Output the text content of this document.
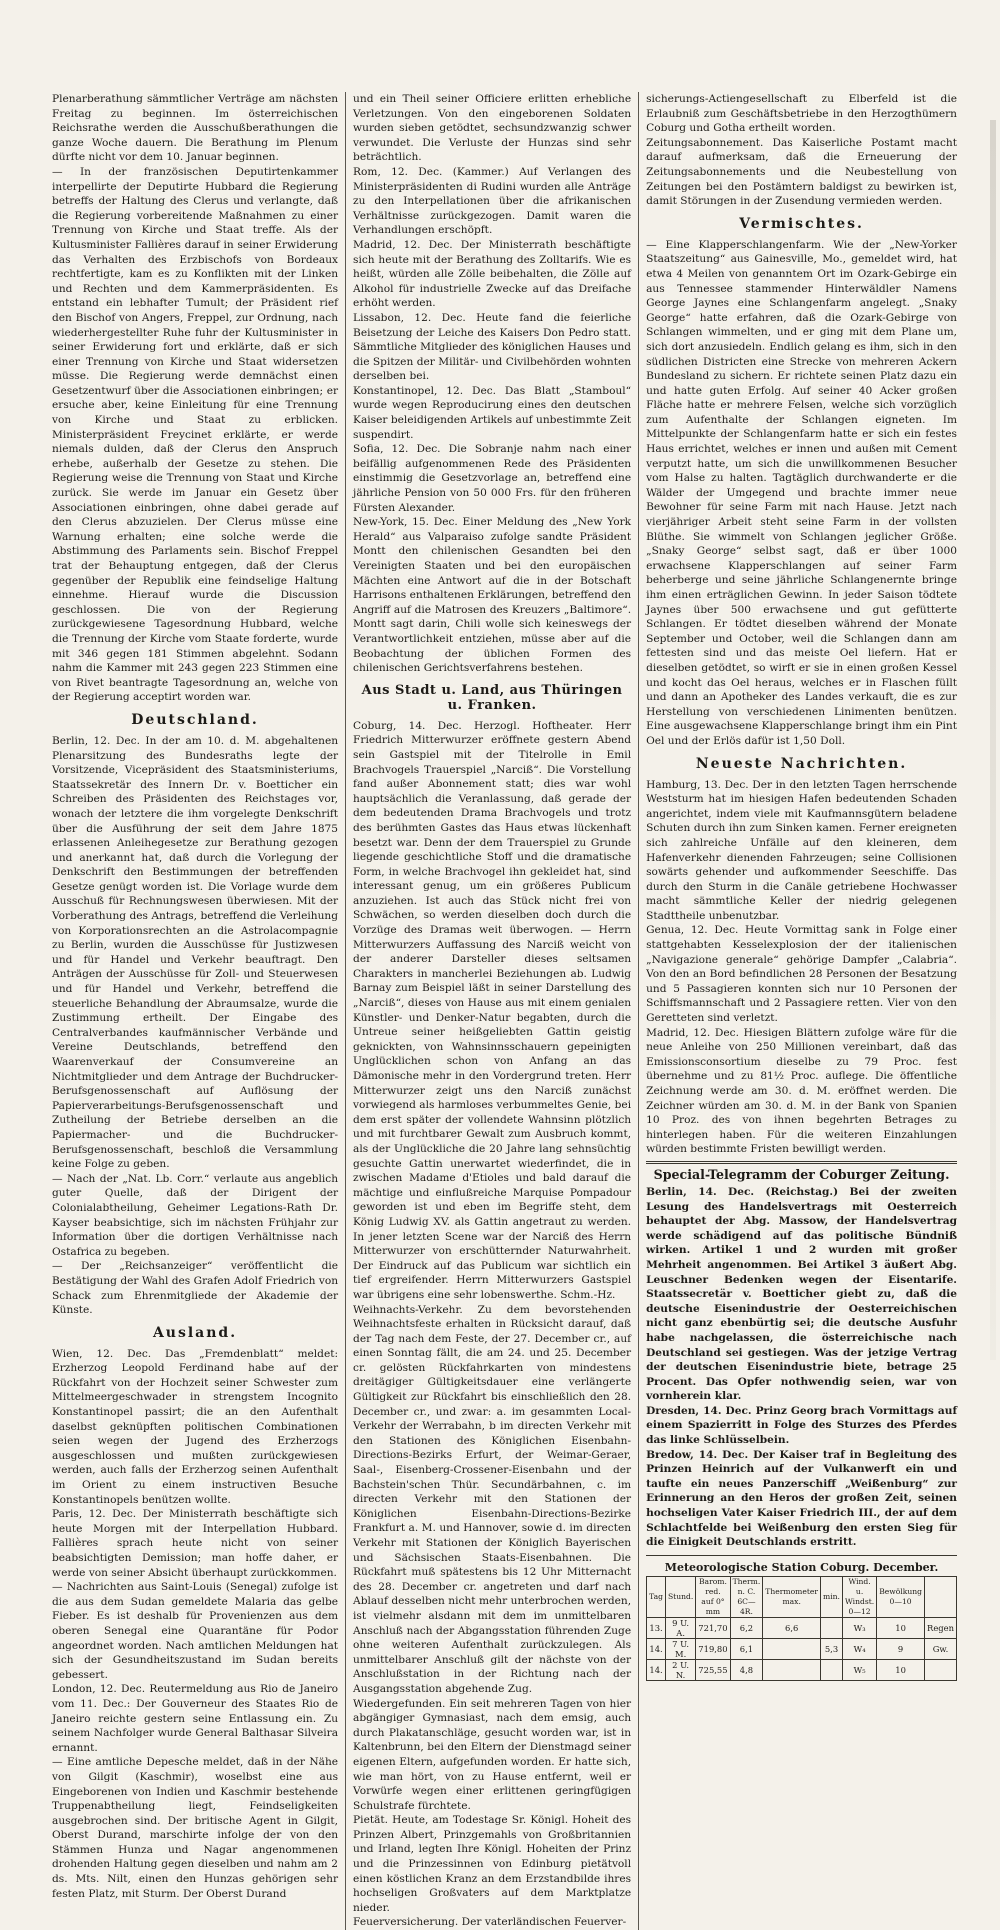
Plenarberathung sämmtlicher Verträge am nächsten Freitag zu beginnen. Im österreichischen Reichsrathe werden die Ausschußberathungen die ganze Woche dauern. Die Berathung im Plenum dürfte nicht vor dem 10. Januar beginnen.

— In der französischen Deputirtenkammer interpellirte der Deputirte Hubbard die Regierung betreffs der Haltung des Clerus und verlangte, daß die Regierung vorbereitende Maßnahmen zu einer Trennung von Kirche und Staat treffe. Als der Kultusminister Fallières darauf in seiner Erwiderung das Verhalten des Erzbischofs von Bordeaux rechtfertigte, kam es zu Konflikten mit der Linken und Rechten und dem Kammerpräsidenten. Es entstand ein lebhafter Tumult; der Präsident rief den Bischof von Angers, Freppel, zur Ordnung, nach wiederhergestellter Ruhe fuhr der Kultusminister in seiner Erwiderung fort und erklärte, daß er sich einer Trennung von Kirche und Staat widersetzen müsse. Die Regierung werde demnächst einen Gesetzentwurf über die Associationen einbringen; er ersuche aber, keine Einleitung für eine Trennung von Kirche und Staat zu erblicken. Ministerpräsident Freycinet erklärte, er werde niemals dulden, daß der Clerus den Anspruch erhebe, außerhalb der Gesetze zu stehen. Die Regierung weise die Trennung von Staat und Kirche zurück. Sie werde im Januar ein Gesetz über Associationen einbringen, ohne dabei gerade auf den Clerus abzuzielen. Der Clerus müsse eine Warnung erhalten; eine solche werde die Abstimmung des Parlaments sein. Bischof Freppel trat der Behauptung entgegen, daß der Clerus gegenüber der Republik eine feindselige Haltung einnehme. Hierauf wurde die Discussion geschlossen. Die von der Regierung zurückgewiesene Tagesordnung Hubbard, welche die Trennung der Kirche vom Staate forderte, wurde mit 346 gegen 181 Stimmen abgelehnt. Sodann nahm die Kammer mit 243 gegen 223 Stimmen eine von Rivet beantragte Tagesordnung an, welche von der Regierung acceptirt worden war.

Deutschland.

Berlin, 12. Dec. In der am 10. d. M. abgehaltenen Plenarsitzung des Bundesraths legte der Vorsitzende, Vicepräsident des Staatsministeriums, Staatssekretär des Innern Dr. v. Boetticher ein Schreiben des Präsidenten des Reichstages vor, wonach der letztere die ihm vorgelegte Denkschrift über die Ausführung der seit dem Jahre 1875 erlassenen Anleihegesetze zur Berathung gezogen und anerkannt hat, daß durch die Vorlegung der Denkschrift den Bestimmungen der betreffenden Gesetze genügt worden ist. Die Vorlage wurde dem Ausschuß für Rechnungswesen überwiesen. Mit der Vorberathung des Antrags, betreffend die Verleihung von Korporationsrechten an die Astrolacompagnie zu Berlin, wurden die Ausschüsse für Justizwesen und für Handel und Verkehr beauftragt. Den Anträgen der Ausschüsse für Zoll- und Steuerwesen und für Handel und Verkehr, betreffend die steuerliche Behandlung der Abraumsalze, wurde die Zustimmung ertheilt. Der Eingabe des Centralverbandes kaufmännischer Verbände und Vereine Deutschlands, betreffend den Waarenverkauf der Consumvereine an Nichtmitglieder und dem Antrage der Buchdrucker-Berufsgenossenschaft auf Auflösung der Papierverarbeitungs-Berufsgenossenschaft und Zutheilung der Betriebe derselben an die Papiermacher- und die Buchdrucker-Berufsgenossenschaft, beschloß die Versammlung keine Folge zu geben.

— Nach der „Nat. Lb. Corr.“ verlaute aus angeblich guter Quelle, daß der Dirigent der Colonialabtheilung, Geheimer Legations-Rath Dr. Kayser beabsichtige, sich im nächsten Frühjahr zur Information über die dortigen Verhältnisse nach Ostafrica zu begeben.

— Der „Reichsanzeiger“ veröffentlicht die Bestätigung der Wahl des Grafen Adolf Friedrich von Schack zum Ehrenmitgliede der Akademie der Künste.

Ausland.

Wien, 12. Dec. Das „Fremdenblatt“ meldet: Erzherzog Leopold Ferdinand habe auf der Rückfahrt von der Hochzeit seiner Schwester zum Mittelmeergeschwader in strengstem Incognito Konstantinopel passirt; die an den Aufenthalt daselbst geknüpften politischen Combinationen seien wegen der Jugend des Erzherzogs ausgeschlossen und mußten zurückgewiesen werden, auch falls der Erzherzog seinen Aufenthalt im Orient zu einem instructiven Besuche Konstantinopels benützen wollte.

Paris, 12. Dec. Der Ministerrath beschäftigte sich heute Morgen mit der Interpellation Hubbard. Fallières sprach heute nicht von seiner beabsichtigten Demission; man hoffe daher, er werde von seiner Absicht überhaupt zurückkommen.

— Nachrichten aus Saint-Louis (Senegal) zufolge ist die aus dem Sudan gemeldete Malaria das gelbe Fieber. Es ist deshalb für Provenienzen aus dem oberen Senegal eine Quarantäne für Podor angeordnet worden. Nach amtlichen Meldungen hat sich der Gesundheitszustand im Sudan bereits gebessert.

London, 12. Dec. Reutermeldung aus Rio de Janeiro vom 11. Dec.: Der Gouverneur des Staates Rio de Janeiro reichte gestern seine Entlassung ein. Zu seinem Nachfolger wurde General Balthasar Silveira ernannt.

— Eine amtliche Depesche meldet, daß in der Nähe von Gilgit (Kaschmir), woselbst eine aus Eingeborenen von Indien und Kaschmir bestehende Truppenabtheilung liegt, Feindseligkeiten ausgebrochen sind. Der britische Agent in Gilgit, Oberst Durand, marschirte infolge der von den Stämmen Hunza und Nagar angenommenen drohenden Haltung gegen dieselben und nahm am 2 ds. Mts. Nilt, einen den Hunzas gehörigen sehr festen Platz, mit Sturm. Der Oberst Durand

und ein Theil seiner Officiere erlitten erhebliche Verletzungen. Von den eingeborenen Soldaten wurden sieben getödtet, sechsundzwanzig schwer verwundet. Die Verluste der Hunzas sind sehr beträchtlich.

Rom, 12. Dec. (Kammer.) Auf Verlangen des Ministerpräsidenten di Rudini wurden alle Anträge zu den Interpellationen über die afrikanischen Verhältnisse zurückgezogen. Damit waren die Verhandlungen erschöpft.

Madrid, 12. Dec. Der Ministerrath beschäftigte sich heute mit der Berathung des Zolltarifs. Wie es heißt, würden alle Zölle beibehalten, die Zölle auf Alkohol für industrielle Zwecke auf das Dreifache erhöht werden.

Lissabon, 12. Dec. Heute fand die feierliche Beisetzung der Leiche des Kaisers Don Pedro statt. Sämmtliche Mitglieder des königlichen Hauses und die Spitzen der Militär- und Civilbehörden wohnten derselben bei.

Konstantinopel, 12. Dec. Das Blatt „Stamboul“ wurde wegen Reproducirung eines den deutschen Kaiser beleidigenden Artikels auf unbestimmte Zeit suspendirt.

Sofia, 12. Dec. Die Sobranje nahm nach einer beifällig aufgenommenen Rede des Präsidenten einstimmig die Gesetzvorlage an, betreffend eine jährliche Pension von 50 000 Frs. für den früheren Fürsten Alexander.

New-York, 15. Dec. Einer Meldung des „New York Herald“ aus Valparaiso zufolge sandte Präsident Montt den chilenischen Gesandten bei den Vereinigten Staaten und bei den europäischen Mächten eine Antwort auf die in der Botschaft Harrisons enthaltenen Erklärungen, betreffend den Angriff auf die Matrosen des Kreuzers „Baltimore“. Montt sagt darin, Chili wolle sich keineswegs der Verantwortlichkeit entziehen, müsse aber auf die Beobachtung der üblichen Formen des chilenischen Gerichtsverfahrens bestehen.

Aus Stadt u. Land, aus Thüringen u. Franken.

Coburg, 14. Dec. Herzogl. Hoftheater. Herr Friedrich Mitterwurzer eröffnete gestern Abend sein Gastspiel mit der Titelrolle in Emil Brachvogels Trauerspiel „Narciß“. Die Vorstellung fand außer Abonnement statt; dies war wohl hauptsächlich die Veranlassung, daß gerade der dem bedeutenden Drama Brachvogels und trotz des berühmten Gastes das Haus etwas lückenhaft besetzt war. Denn der dem Trauerspiel zu Grunde liegende geschichtliche Stoff und die dramatische Form, in welche Brachvogel ihn gekleidet hat, sind interessant genug, um ein größeres Publicum anzuziehen. Ist auch das Stück nicht frei von Schwächen, so werden dieselben doch durch die Vorzüge des Dramas weit überwogen. — Herrn Mitterwurzers Auffassung des Narciß weicht von der anderer Darsteller dieses seltsamen Charakters in mancherlei Beziehungen ab. Ludwig Barnay zum Beispiel läßt in seiner Darstellung des „Narciß“, dieses von Hause aus mit einem genialen Künstler- und Denker-Natur begabten, durch die Untreue seiner heißgeliebten Gattin geistig geknickten, von Wahnsinnsschauern gepeinigten Unglücklichen schon von Anfang an das Dämonische mehr in den Vordergrund treten. Herr Mitterwurzer zeigt uns den Narciß zunächst vorwiegend als harmloses verbummeltes Genie, bei dem erst später der vollendete Wahnsinn plötzlich und mit furchtbarer Gewalt zum Ausbruch kommt, als der Unglückliche die 20 Jahre lang sehnsüchtig gesuchte Gattin unerwartet wiederfindet, die in zwischen Madame d'Etioles und bald darauf die mächtige und einflußreiche Marquise Pompadour geworden ist und eben im Begriffe steht, dem König Ludwig XV. als Gattin angetraut zu werden. In jener letzten Scene war der Narciß des Herrn Mitterwurzer von erschütternder Naturwahrheit. Der Eindruck auf das Publicum war sichtlich ein tief ergreifender. Herrn Mitterwurzers Gastspiel war übrigens eine sehr lobenswerthe. Schm.-Hz.

Weihnachts-Verkehr. Zu dem bevorstehenden Weihnachtsfeste erhalten in Rücksicht darauf, daß der Tag nach dem Feste, der 27. December cr., auf einen Sonntag fällt, die am 24. und 25. December cr. gelösten Rückfahrkarten von mindestens dreitägiger Gültigkeitsdauer eine verlängerte Gültigkeit zur Rückfahrt bis einschließlich den 28. December cr., und zwar: a. im gesammten Local-Verkehr der Werrabahn, b im directen Verkehr mit den Stationen des Königlichen Eisenbahn-Directions-Bezirks Erfurt, der Weimar-Geraer, Saal-, Eisenberg-Crossener-Eisenbahn und der Bachstein'schen Thür. Secundärbahnen, c. im directen Verkehr mit den Stationen der Königlichen Eisenbahn-Directions-Bezirke Frankfurt a. M. und Hannover, sowie d. im directen Verkehr mit Stationen der Königlich Bayerischen und Sächsischen Staats-Eisenbahnen. Die Rückfahrt muß spätestens bis 12 Uhr Mitternacht des 28. December cr. angetreten und darf nach Ablauf desselben nicht mehr unterbrochen werden, ist vielmehr alsdann mit dem im unmittelbaren Anschluß nach der Abgangsstation führenden Zuge ohne weiteren Aufenthalt zurückzulegen. Als unmittelbarer Anschluß gilt der nächste von der Anschlußstation in der Richtung nach der Ausgangsstation abgehende Zug.

Wiedergefunden. Ein seit mehreren Tagen von hier abgängiger Gymnasiast, nach dem emsig, auch durch Plakatanschläge, gesucht worden war, ist in Kaltenbrunn, bei den Eltern der Dienstmagd seiner eigenen Eltern, aufgefunden worden. Er hatte sich, wie man hört, von zu Hause entfernt, weil er Vorwürfe wegen einer erlittenen geringfügigen Schulstrafe fürchtete.

Pietät. Heute, am Todestage Sr. Königl. Hoheit des Prinzen Albert, Prinzgemahls von Großbritannien und Irland, legten Ihre Königl. Hoheiten der Prinz und die Prinzessinnen von Edinburg pietätvoll einen köstlichen Kranz an dem Erzstandbilde ihres hochseligen Großvaters auf dem Marktplatze nieder.

Feuerversicherung. Der vaterländischen Feuerver-

sicherungs-Actiengesellschaft zu Elberfeld ist die Erlaubniß zum Geschäftsbetriebe in den Herzogthümern Coburg und Gotha ertheilt worden.

Zeitungsabonnement. Das Kaiserliche Postamt macht darauf aufmerksam, daß die Erneuerung der Zeitungsabonnements und die Neubestellung von Zeitungen bei den Postämtern baldigst zu bewirken ist, damit Störungen in der Zusendung vermieden werden.

Vermischtes.

— Eine Klapperschlangenfarm. Wie der „New-Yorker Staatszeitung“ aus Gainesville, Mo., gemeldet wird, hat etwa 4 Meilen von genanntem Ort im Ozark-Gebirge ein aus Tennessee stammender Hinterwäldler Namens George Jaynes eine Schlangenfarm angelegt. „Snaky George“ hatte erfahren, daß die Ozark-Gebirge von Schlangen wimmelten, und er ging mit dem Plane um, sich dort anzusiedeln. Endlich gelang es ihm, sich in den südlichen Districten eine Strecke von mehreren Ackern Bundesland zu sichern. Er richtete seinen Platz dazu ein und hatte guten Erfolg. Auf seiner 40 Acker großen Fläche hatte er mehrere Felsen, welche sich vorzüglich zum Aufenthalte der Schlangen eigneten. Im Mittelpunkte der Schlangenfarm hatte er sich ein festes Haus errichtet, welches er innen und außen mit Cement verputzt hatte, um sich die unwillkommenen Besucher vom Halse zu halten. Tagtäglich durchwanderte er die Wälder der Umgegend und brachte immer neue Bewohner für seine Farm mit nach Hause. Jetzt nach vierjähriger Arbeit steht seine Farm in der vollsten Blüthe. Sie wimmelt von Schlangen jeglicher Größe. „Snaky George“ selbst sagt, daß er über 1000 erwachsene Klapperschlangen auf seiner Farm beherberge und seine jährliche Schlangenernte bringe ihm einen erträglichen Gewinn. In jeder Saison tödtete Jaynes über 500 erwachsene und gut gefütterte Schlangen. Er tödtet dieselben während der Monate September und October, weil die Schlangen dann am fettesten sind und das meiste Oel liefern. Hat er dieselben getödtet, so wirft er sie in einen großen Kessel und kocht das Oel heraus, welches er in Flaschen füllt und dann an Apotheker des Landes verkauft, die es zur Herstellung von verschiedenen Linimenten benützen. Eine ausgewachsene Klapperschlange bringt ihm ein Pint Oel und der Erlös dafür ist 1,50 Doll.

Neueste Nachrichten.

Hamburg, 13. Dec. Der in den letzten Tagen herrschende Weststurm hat im hiesigen Hafen bedeutenden Schaden angerichtet, indem viele mit Kaufmannsgütern beladene Schuten durch ihn zum Sinken kamen. Ferner ereigneten sich zahlreiche Unfälle auf den kleineren, dem Hafenverkehr dienenden Fahrzeugen; seine Collisionen sowärts gehender und aufkommender Seeschiffe. Das durch den Sturm in die Canäle getriebene Hochwasser macht sämmtliche Keller der niedrig gelegenen Stadttheile unbenutzbar.

Genua, 12. Dec. Heute Vormittag sank in Folge einer stattgehabten Kesselexplosion der der italienischen „Navigazione generale“ gehörige Dampfer „Calabria“. Von den an Bord befindlichen 28 Personen der Besatzung und 5 Passagieren konnten sich nur 10 Personen der Schiffsmannschaft und 2 Passagiere retten. Vier von den Geretteten sind verletzt.

Madrid, 12. Dec. Hiesigen Blättern zufolge wäre für die neue Anleihe von 250 Millionen vereinbart, daß das Emissionsconsortium dieselbe zu 79 Proc. fest übernehme und zu 81½ Proc. auflege. Die öffentliche Zeichnung werde am 30. d. M. eröffnet werden. Die Zeichner würden am 30. d. M. in der Bank von Spanien 10 Proz. des von ihnen begehrten Betrages zu hinterlegen haben. Für die weiteren Einzahlungen würden bestimmte Fristen bewilligt werden.

Special-Telegramm der Coburger Zeitung.

Berlin, 14. Dec. (Reichstag.) Bei der zweiten Lesung des Handelsvertrags mit Oesterreich behauptet der Abg. Massow, der Handelsvertrag werde schädigend auf das politische Bündniß wirken. Artikel 1 und 2 wurden mit großer Mehrheit angenommen. Bei Artikel 3 äußert Abg. Leuschner Bedenken wegen der Eisentarife. Staatssecretär v. Boetticher giebt zu, daß die deutsche Eisenindustrie der Oesterreichischen nicht ganz ebenbürtig sei; die deutsche Ausfuhr habe nachgelassen, die österreichische nach Deutschland sei gestiegen. Was der jetzige Vertrag der deutschen Eisenindustrie biete, betrage 25 Procent. Das Opfer nothwendig seien, war von vornherein klar.

Dresden, 14. Dec. Prinz Georg brach Vormittags auf einem Spazierritt in Folge des Sturzes des Pferdes das linke Schlüsselbein.

Bredow, 14. Dec. Der Kaiser traf in Begleitung des Prinzen Heinrich auf der Vulkanwerft ein und taufte ein neues Panzerschiff „Weißenburg“ zur Erinnerung an den Heros der großen Zeit, seinen hochseligen Vater Kaiser Friedrich III., der auf dem Schlachtfelde bei Weißenburg den ersten Sieg für die Einigkeit Deutschlands erstritt.

Meteorologische Station Coburg. December.
Tag	Stund.	Barom. red. auf 0° mm	Therm. n. C. 6C—4R.	Thermometer max.	min.	Wind. u. Windst. 0—12	Bewölkung 0—10	
13.	9 U. A.	721,70	6,2	6,6		W₃	10	Regen
14.	7 U. M.	719,80	6,1		5,3	W₄	9	Gw.
14.	2 U. N.	725,55	4,8			W₅	10	
